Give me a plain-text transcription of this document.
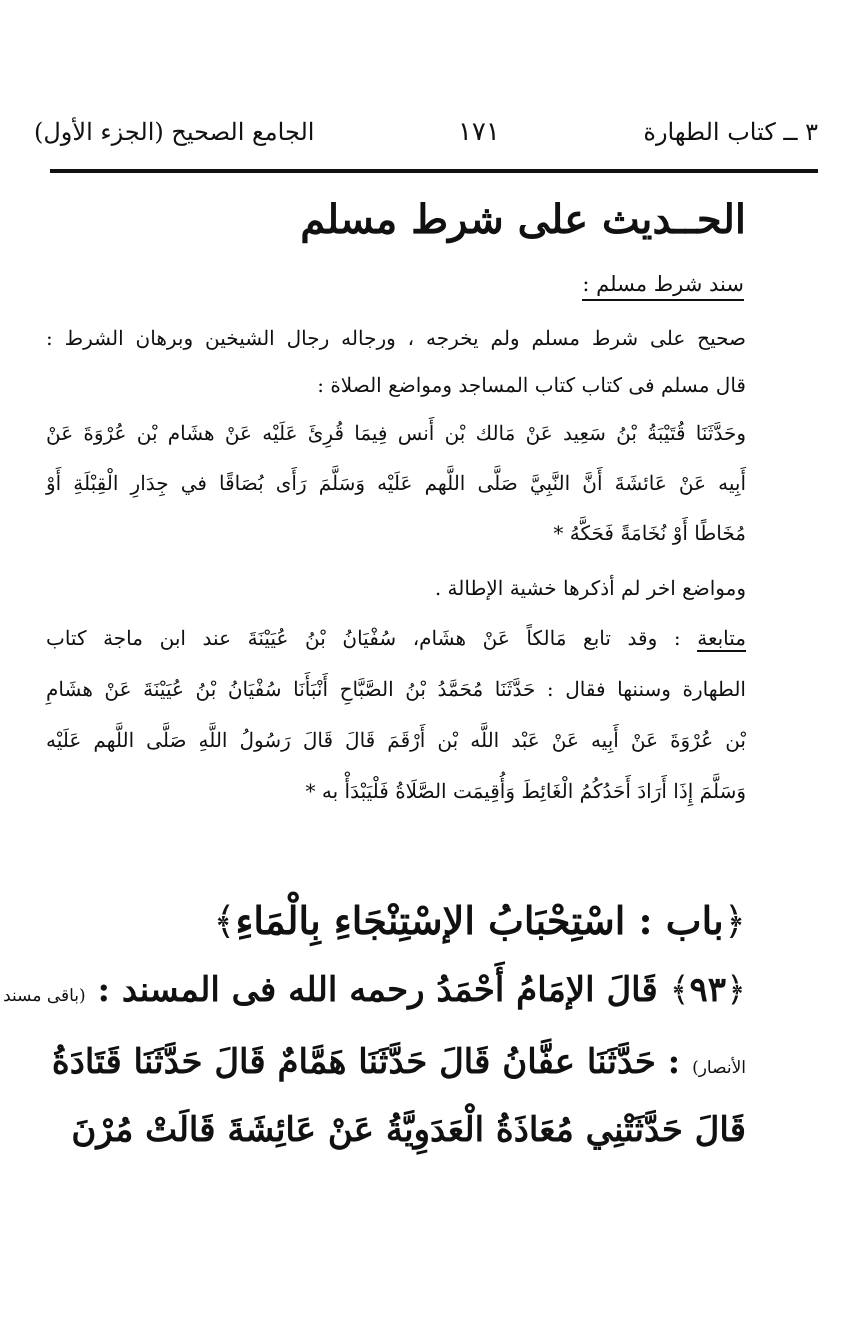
٣ ــ كتاب الطهارة
١٧١
الجامع الصحيح (الجزء الأول)
الحــديث على شرط مسلم
سند شرط مسلم :
صحيح على شرط مسلم ولم يخرجه ، ورجاله رجال الشيخين وبرهان الشرط :
قال مسلم فى كتاب كتاب المساجد ومواضع الصلاة :
وحَدَّثَنَا قُتَيْبَةُ بْنُ سَعِيد عَنْ مَالك بْن أَنس فِيمَا قُرِئَ عَلَيْه عَنْ هشَام بْن عُرْوَةَ عَنْ
أَبِيه عَنْ عَائشَةَ أَنَّ النَّبِيَّ صَلَّى اللَّهم عَلَيْه وَسَلَّمَ رَأَى بُصَاقًا في جِدَارِ الْقِبْلَةِ أَوْ
مُخَاطًا أَوْ نُخَامَةً فَحَكَّهُ *
ومواضع اخر لم أذكرها خشية الإطالة .
متابعة : وقد تابع مَالكاً عَنْ هشَام، سُفْيَانُ بْنُ عُيَيْنَةَ عند ابن ماجة كتاب
الطهارة وسننها فقال : حَدَّثَنَا مُحَمَّدُ بْنُ الصَّبَّاحِ أَنْبَأَنَا سُفْيَانُ بْنُ عُيَيْنَةَ عَنْ هشَامِ
بْن عُرْوَةَ عَنْ أَبِيه عَنْ عَبْد اللَّه بْن أَرْقَمَ قَالَ قَالَ رَسُولُ اللَّهِ صَلَّى اللَّهم عَلَيْه
وَسَلَّمَ إِذَا أَرَادَ أَحَدُكُمُ الْغَائِطَ وَأُقِيمَت الصَّلَاةُ فَلْيَبْدَأْ به *
﴿باب : اسْتِحْبَابُ الإسْتِنْجَاءِ بِالْمَاءِ﴾
﴿٩٣﴾ قَالَ الإمَامُ أَحْمَدُ رحمه الله فى المسند : (باقى مسند
الأنصار) : حَدَّثَنَا عفَّانُ قَالَ حَدَّثَنَا هَمَّامٌ قَالَ حَدَّثَنَا قَتَادَةُ
قَالَ حَدَّثَتْنِي مُعَاذَةُ الْعَدَوِيَّةُ عَنْ عَائِشَةَ قَالَتْ مُرْنَ
